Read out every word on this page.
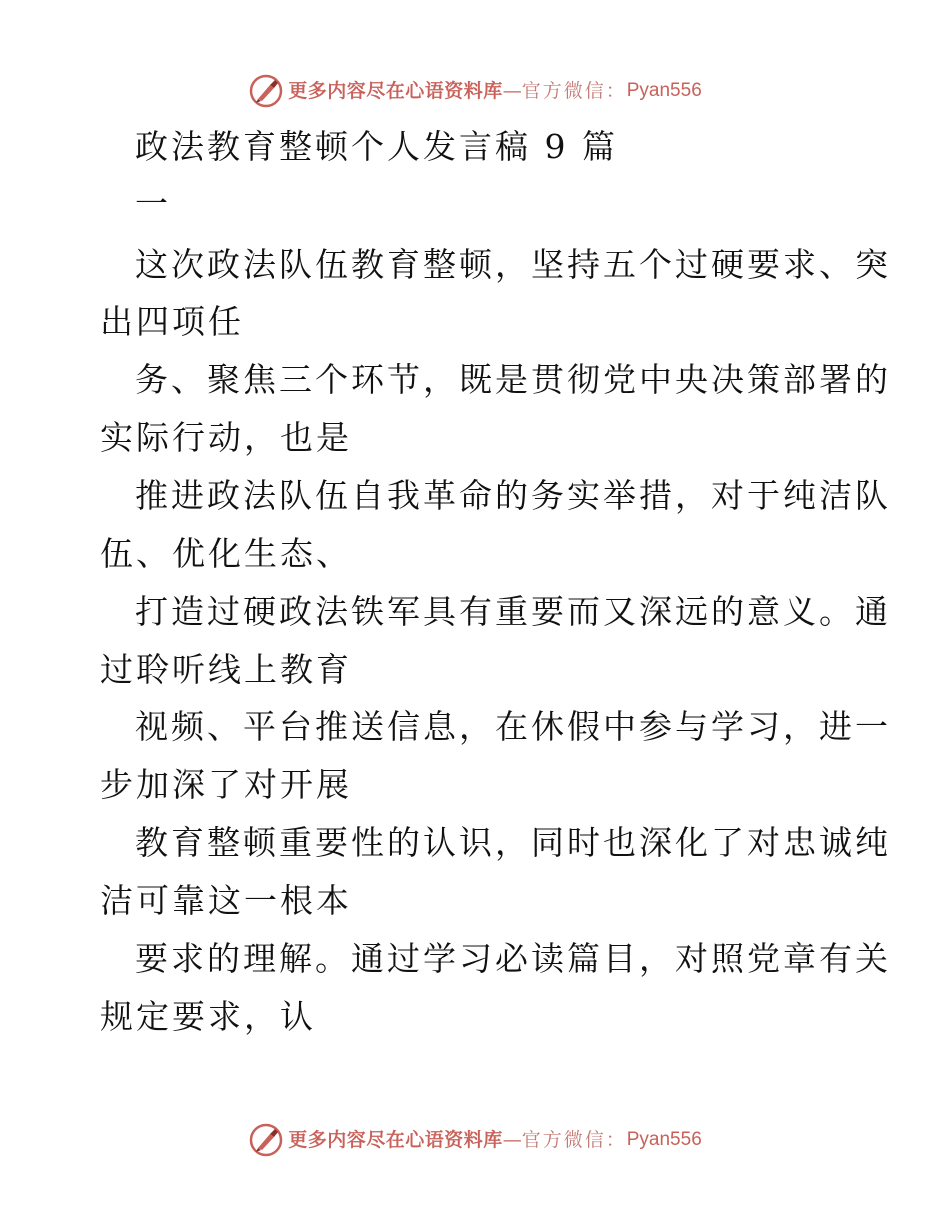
更多内容尽在心语资料库 — 官方微信： Pyan556
政法教育整顿个人发言稿 9 篇
一
这次政法队伍教育整顿，坚持五个过硬要求、突
出四项任
务、聚焦三个环节，既是贯彻党中央决策部署的
实际行动，也是
推进政法队伍自我革命的务实举措，对于纯洁队
伍、优化生态、
打造过硬政法铁军具有重要而又深远的意义。通
过聆听线上教育
视频、平台推送信息，在休假中参与学习，进一
步加深了对开展
教育整顿重要性的认识，同时也深化了对忠诚纯
洁可靠这一根本
要求的理解。通过学习必读篇目，对照党章有关
规定要求，认
更多内容尽在心语资料库 — 官方微信： Pyan556
